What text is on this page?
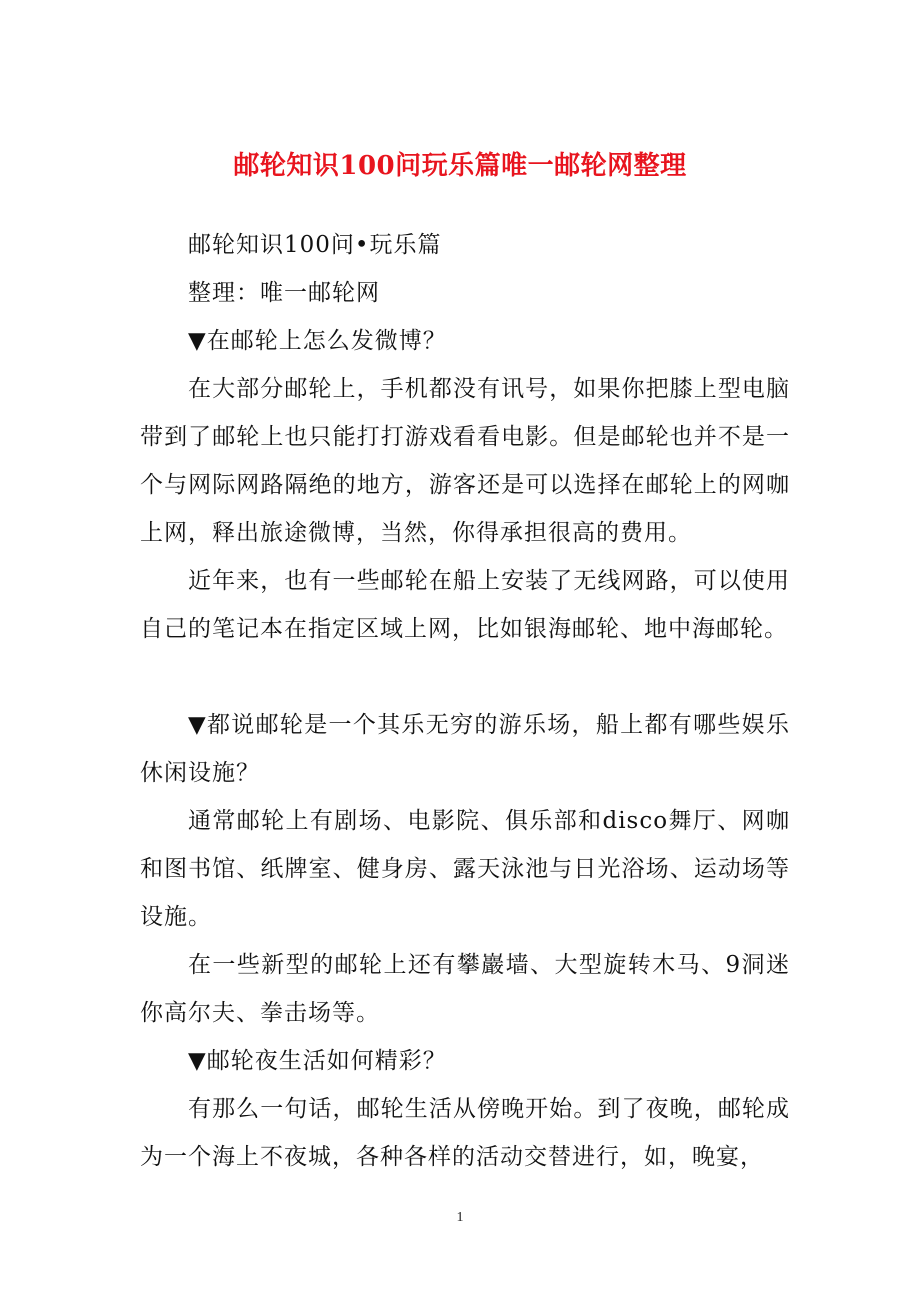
邮轮知识100问玩乐篇唯一邮轮网整理
邮轮知识100问•玩乐篇
整理：唯一邮轮网
▼在邮轮上怎么发微博？
在大部分邮轮上，手机都没有讯号，如果你把膝上型电脑带到了邮轮上也只能打打游戏看看电影。但是邮轮也并不是一个与网际网路隔绝的地方，游客还是可以选择在邮轮上的网咖上网，释出旅途微博，当然，你得承担很高的费用。
近年来，也有一些邮轮在船上安装了无线网路，可以使用自己的笔记本在指定区域上网，比如银海邮轮、地中海邮轮。
▼都说邮轮是一个其乐无穷的游乐场，船上都有哪些娱乐休闲设施？
通常邮轮上有剧场、电影院、俱乐部和disco舞厅、网咖和图书馆、纸牌室、健身房、露天泳池与日光浴场、运动场等设施。
在一些新型的邮轮上还有攀巖墙、大型旋转木马、9洞迷你高尔夫、拳击场等。
▼邮轮夜生活如何精彩？
有那么一句话，邮轮生活从傍晚开始。到了夜晚，邮轮成为一个海上不夜城，各种各样的活动交替进行，如，晚宴，
1
